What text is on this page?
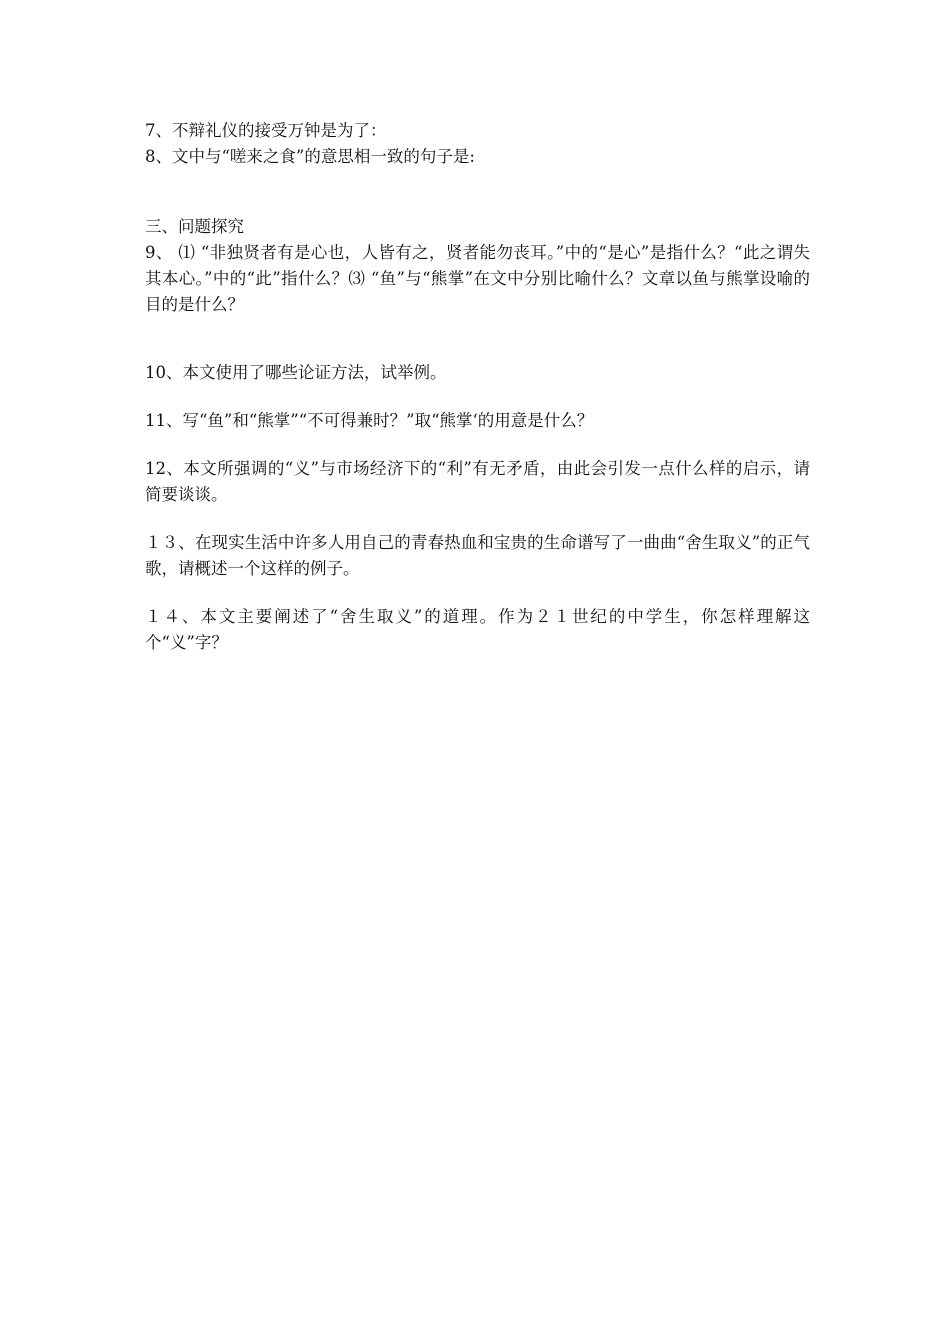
7、不辩礼仪的接受万钟是为了：

8、文中与“嗟来之食”的意思相一致的句子是:

三、问题探究

9、 ⑴ “非独贤者有是心也，人皆有之，贤者能勿丧耳。”中的“是心”是指什么？“此之谓失其本心。”中的“此”指什么？⑶ “鱼”与“熊掌”在文中分别比喻什么？文章以鱼与熊掌设喻的目的是什么？

10、本文使用了哪些论证方法，试举例。

11、写“鱼”和“熊掌”“不可得兼时？”取“熊掌‘的用意是什么？

12、本文所强调的“义”与市场经济下的“利”有无矛盾，由此会引发一点什么样的启示，请简要谈谈。

１３、在现实生活中许多人用自己的青春热血和宝贵的生命谱写了一曲曲“舍生取义”的正气歌，请概述一个这样的例子。

１４、本文主要阐述了“舍生取义”的道理。作为２１世纪的中学生，你怎样理解这个“义”字？
